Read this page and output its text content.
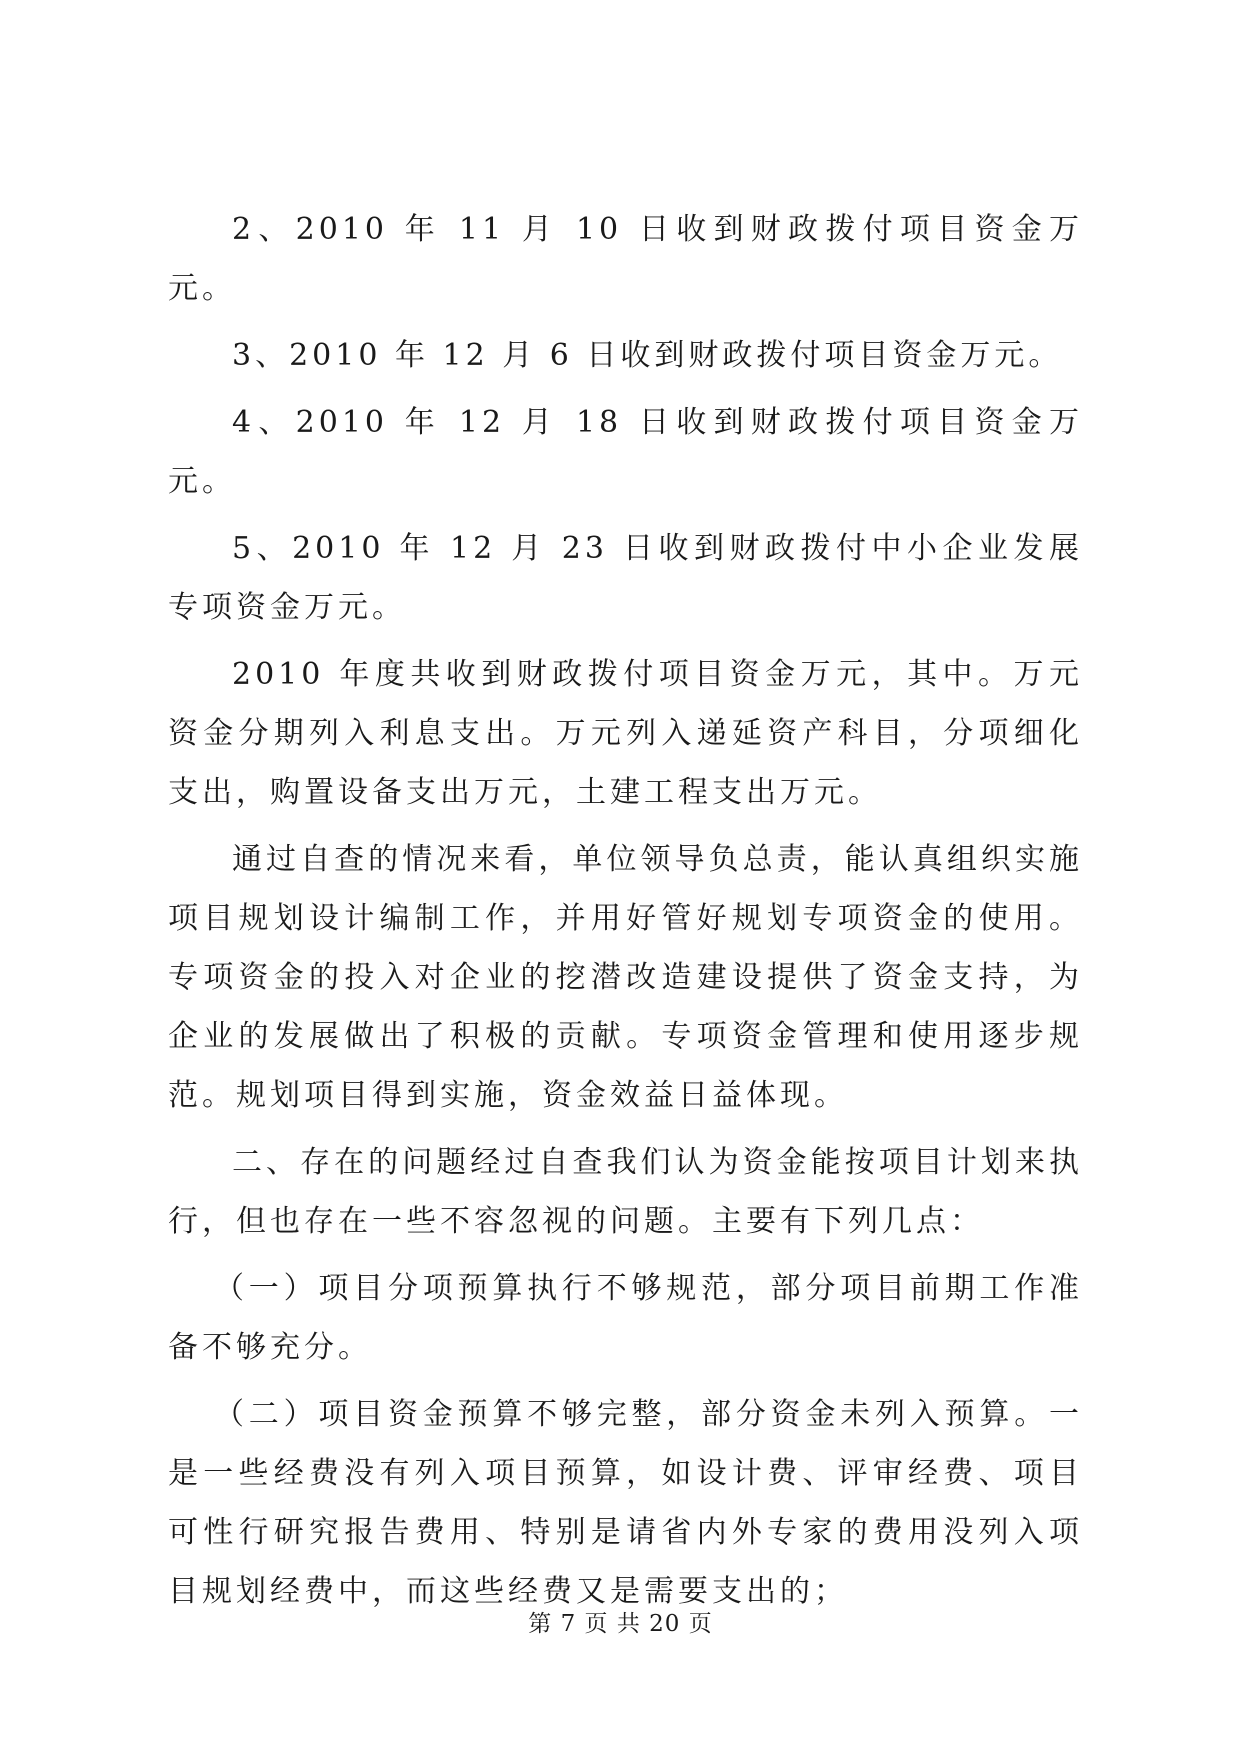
2、2010 年 11 月 10 日收到财政拨付项目资金万元。

3、2010 年 12 月 6 日收到财政拨付项目资金万元。

4、2010 年 12 月 18 日收到财政拨付项目资金万元。

5、2010 年 12 月 23 日收到财政拨付中小企业发展专项资金万元。

2010 年度共收到财政拨付项目资金万元，其中。万元资金分期列入利息支出。万元列入递延资产科目，分项细化支出，购置设备支出万元，土建工程支出万元。

通过自查的情况来看，单位领导负总责，能认真组织实施项目规划设计编制工作，并用好管好规划专项资金的使用。专项资金的投入对企业的挖潜改造建设提供了资金支持，为企业的发展做出了积极的贡献。专项资金管理和使用逐步规范。规划项目得到实施，资金效益日益体现。

二、存在的问题经过自查我们认为资金能按项目计划来执行，但也存在一些不容忽视的问题。主要有下列几点：

（一）项目分项预算执行不够规范，部分项目前期工作准备不够充分。

（二）项目资金预算不够完整，部分资金未列入预算。一是一些经费没有列入项目预算，如设计费、评审经费、项目可性行研究报告费用、特别是请省内外专家的费用没列入项目规划经费中，而这些经费又是需要支出的；

第 7 页 共 20 页
